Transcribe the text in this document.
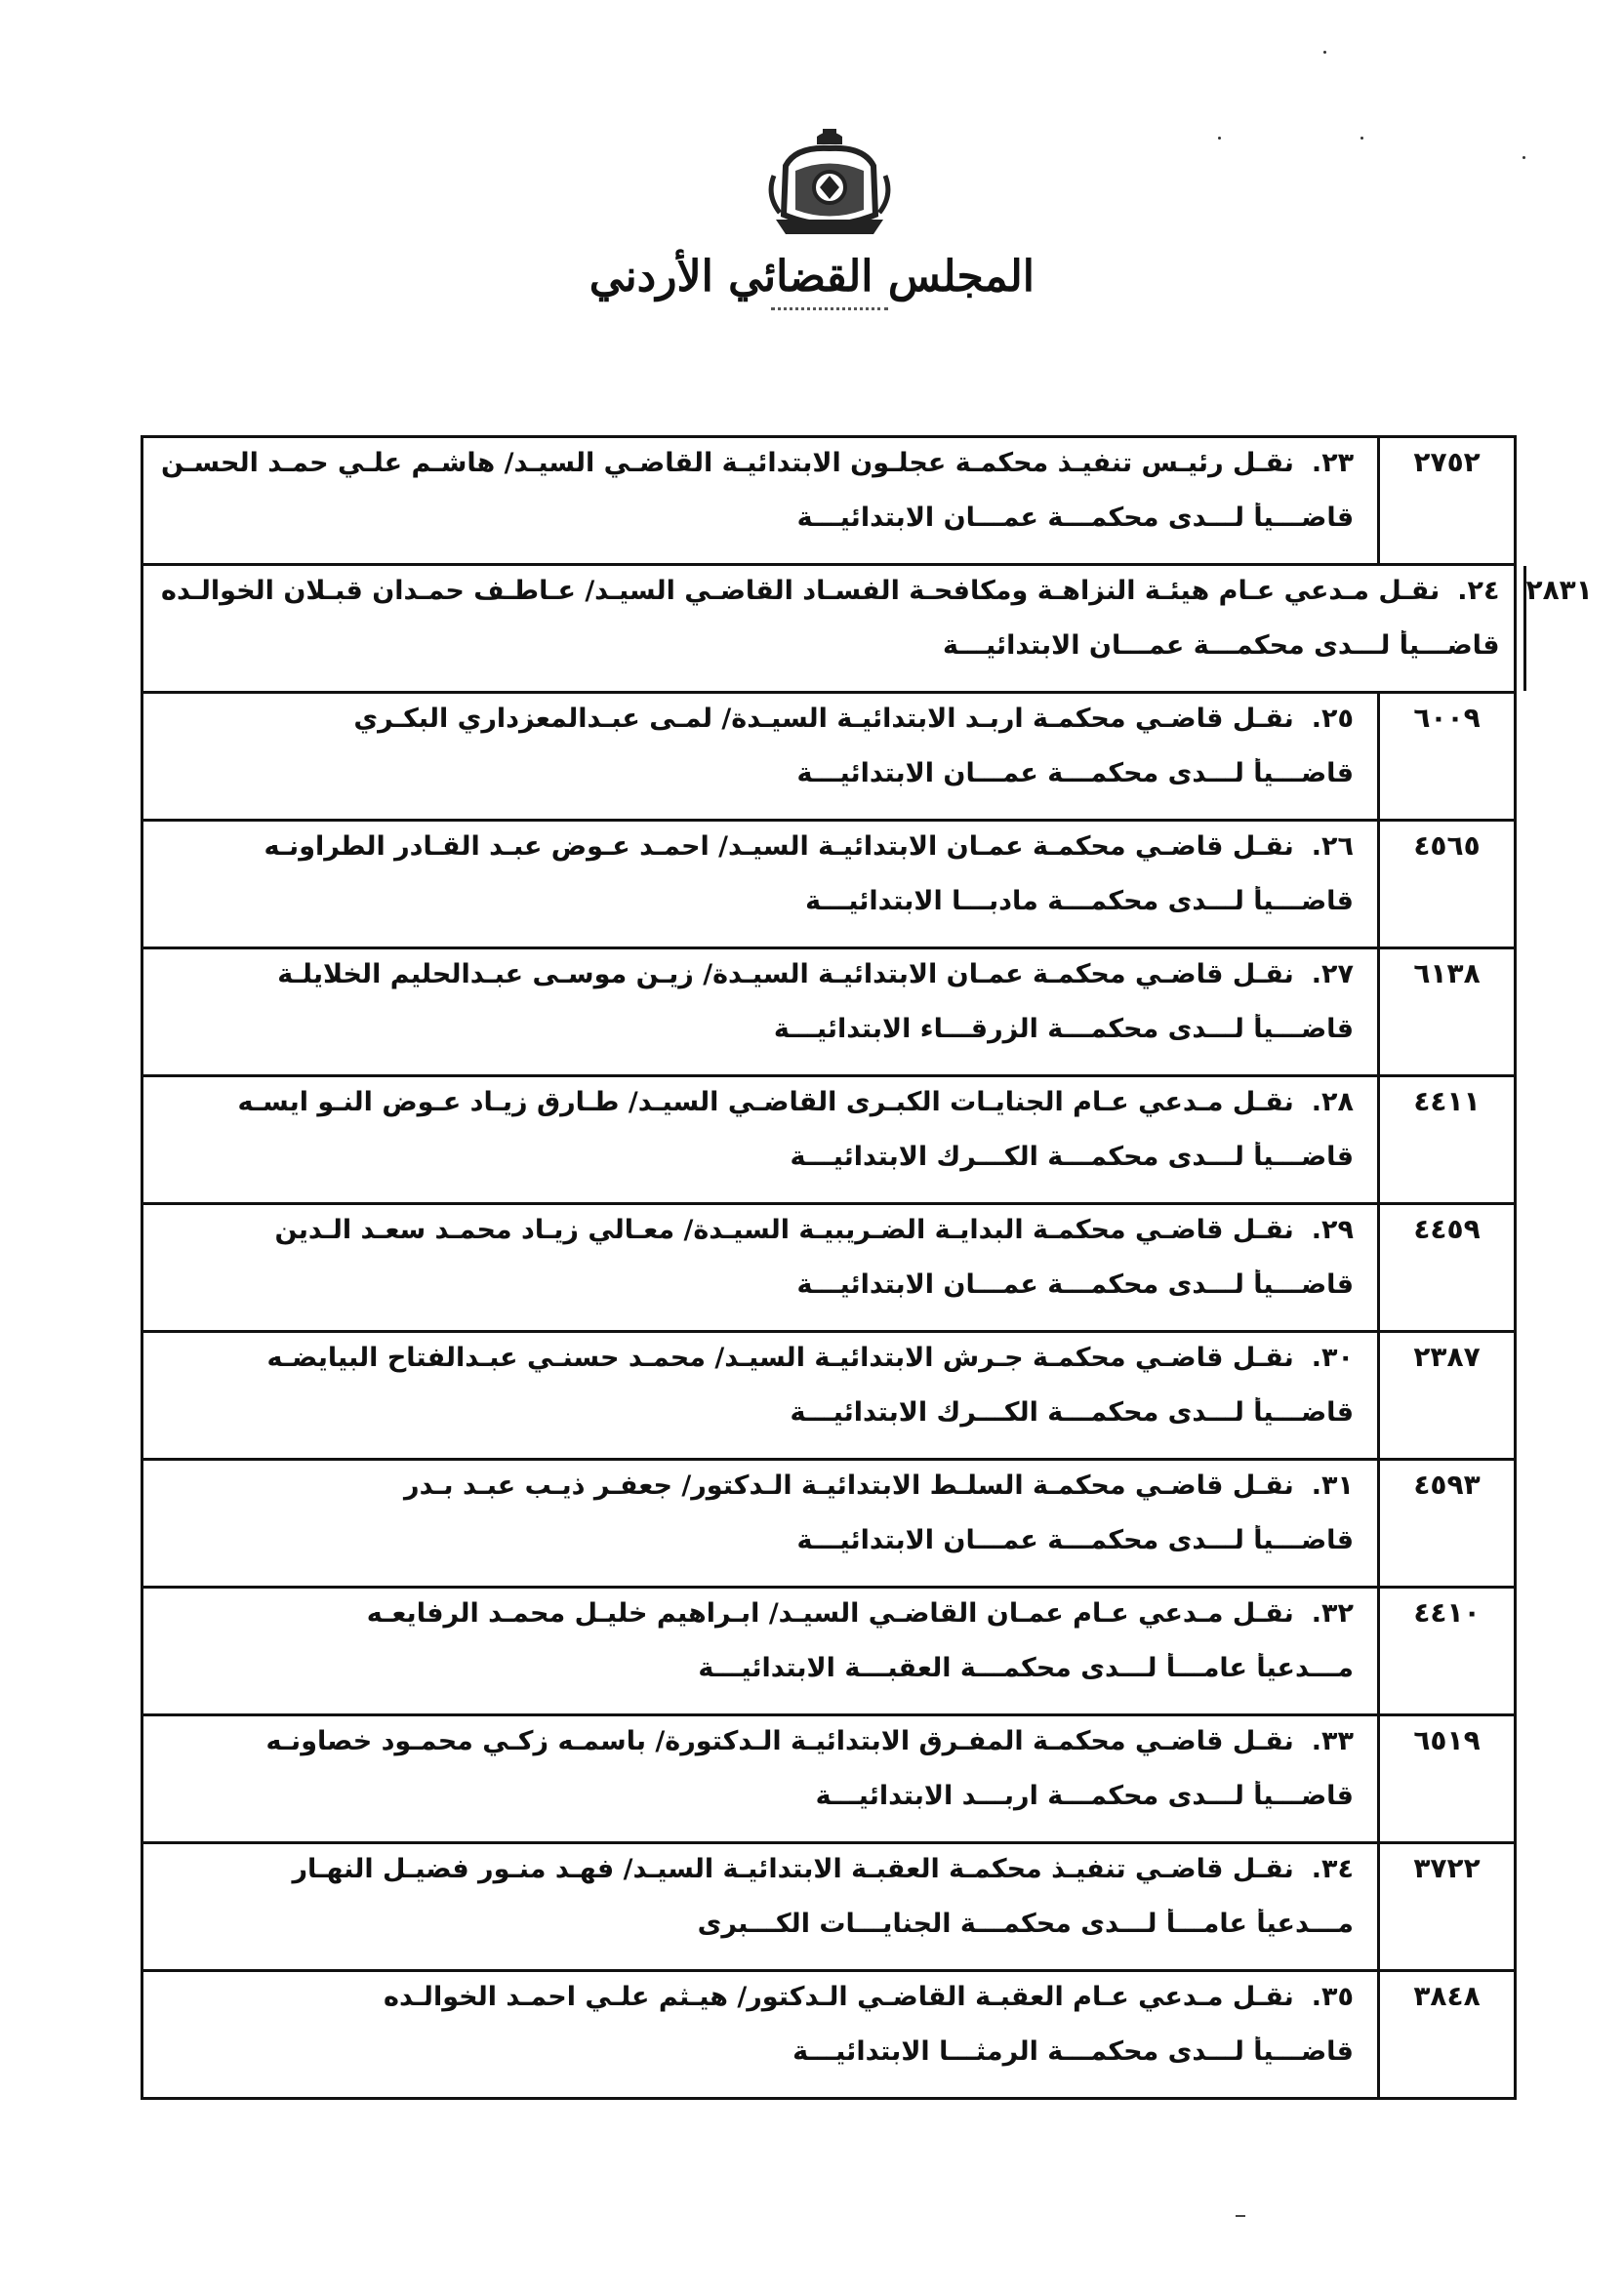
المجلس القضائي الأردني
٢٧٥٢
٢٣.
نقـل رئيـس تنفيـذ محكمـة عجلـون الابتدائيـة القاضـي السيـد/ هاشـم علـي حمـد الحسـن
قاضـــيأ لـــدى محكمـــة عمـــان الابتدائيـــة
٢٨٣١
٢٤.
نقـل مـدعي عـام هيئـة النزاهـة ومكافحـة الفسـاد القاضـي السيـد/ عـاطـف حمـدان قبـلان الخوالـده
قاضـــيأ لـــدى محكمـــة عمـــان الابتدائيـــة
٦٠٠٩
٢٥.
نقـل قاضـي محكمـة اربـد الابتدائيـة السيـدة/ لمـى عبـدالمعزداري البكـري
قاضـــيأ لـــدى محكمـــة عمـــان الابتدائيـــة
٤٥٦٥
٢٦.
نقـل قاضـي محكمـة عمـان الابتدائيـة السيـد/ احمـد عـوض عبـد القـادر الطراونـه
قاضـــيأ لـــدى محكمـــة مادبـــا الابتدائيـــة
٦١٣٨
٢٧.
نقـل قاضـي محكمـة عمـان الابتدائيـة السيـدة/ زيـن موسـى عبـدالحليم الخلايلـة
قاضـــيأ لـــدى محكمـــة الزرقـــاء الابتدائيـــة
٤٤١١
٢٨.
نقـل مـدعي عـام الجنايـات الكبـرى القاضـي السيـد/ طـارق زيـاد عـوض النـو ايسـه
قاضـــيأ لـــدى محكمـــة الكـــرك الابتدائيـــة
٤٤٥٩
٢٩.
نقـل قاضـي محكمـة البدايـة الضـريبيـة السيـدة/ معـالي زيـاد محمـد سعـد الـدين
قاضـــيأ لـــدى محكمـــة عمـــان الابتدائيـــة
٢٣٨٧
٣٠.
نقـل قاضـي محكمـة جـرش الابتدائيـة السيـد/ محمـد حسنـي عبـدالفتاح البيايضـه
قاضـــيأ لـــدى محكمـــة الكـــرك الابتدائيـــة
٤٥٩٣
٣١.
نقـل قاضـي محكمـة السلـط الابتدائيـة الـدكتور/ جعفـر ذيـب عبـد بـدر
قاضـــيأ لـــدى محكمـــة عمـــان الابتدائيـــة
٤٤١٠
٣٢.
نقـل مـدعي عـام عمـان القاضـي السيـد/ ابـراهيم خليـل محمـد الرفايعـه
مـــدعيأ عامـــأ لـــدى محكمـــة العقبـــة الابتدائيـــة
٦٥١٩
٣٣.
نقـل قاضـي محكمـة المفـرق الابتدائيـة الـدكتورة/ باسمـه زكـي محمـود خصاونـه
قاضـــيأ لـــدى محكمـــة اربـــد الابتدائيـــة
٣٧٢٢
٣٤.
نقـل قاضـي تنفيـذ محكمـة العقبـة الابتدائيـة السيـد/ فهـد منـور فضيـل النهـار
مـــدعيأ عامـــأ لـــدى محكمـــة الجنايـــات الكـــبرى
٣٨٤٨
٣٥.
نقـل مـدعي عـام العقبـة القاضـي الـدكتور/ هيـثم علـي احمـد الخوالـده
قاضـــيأ لـــدى محكمـــة الرمثـــا الابتدائيـــة
